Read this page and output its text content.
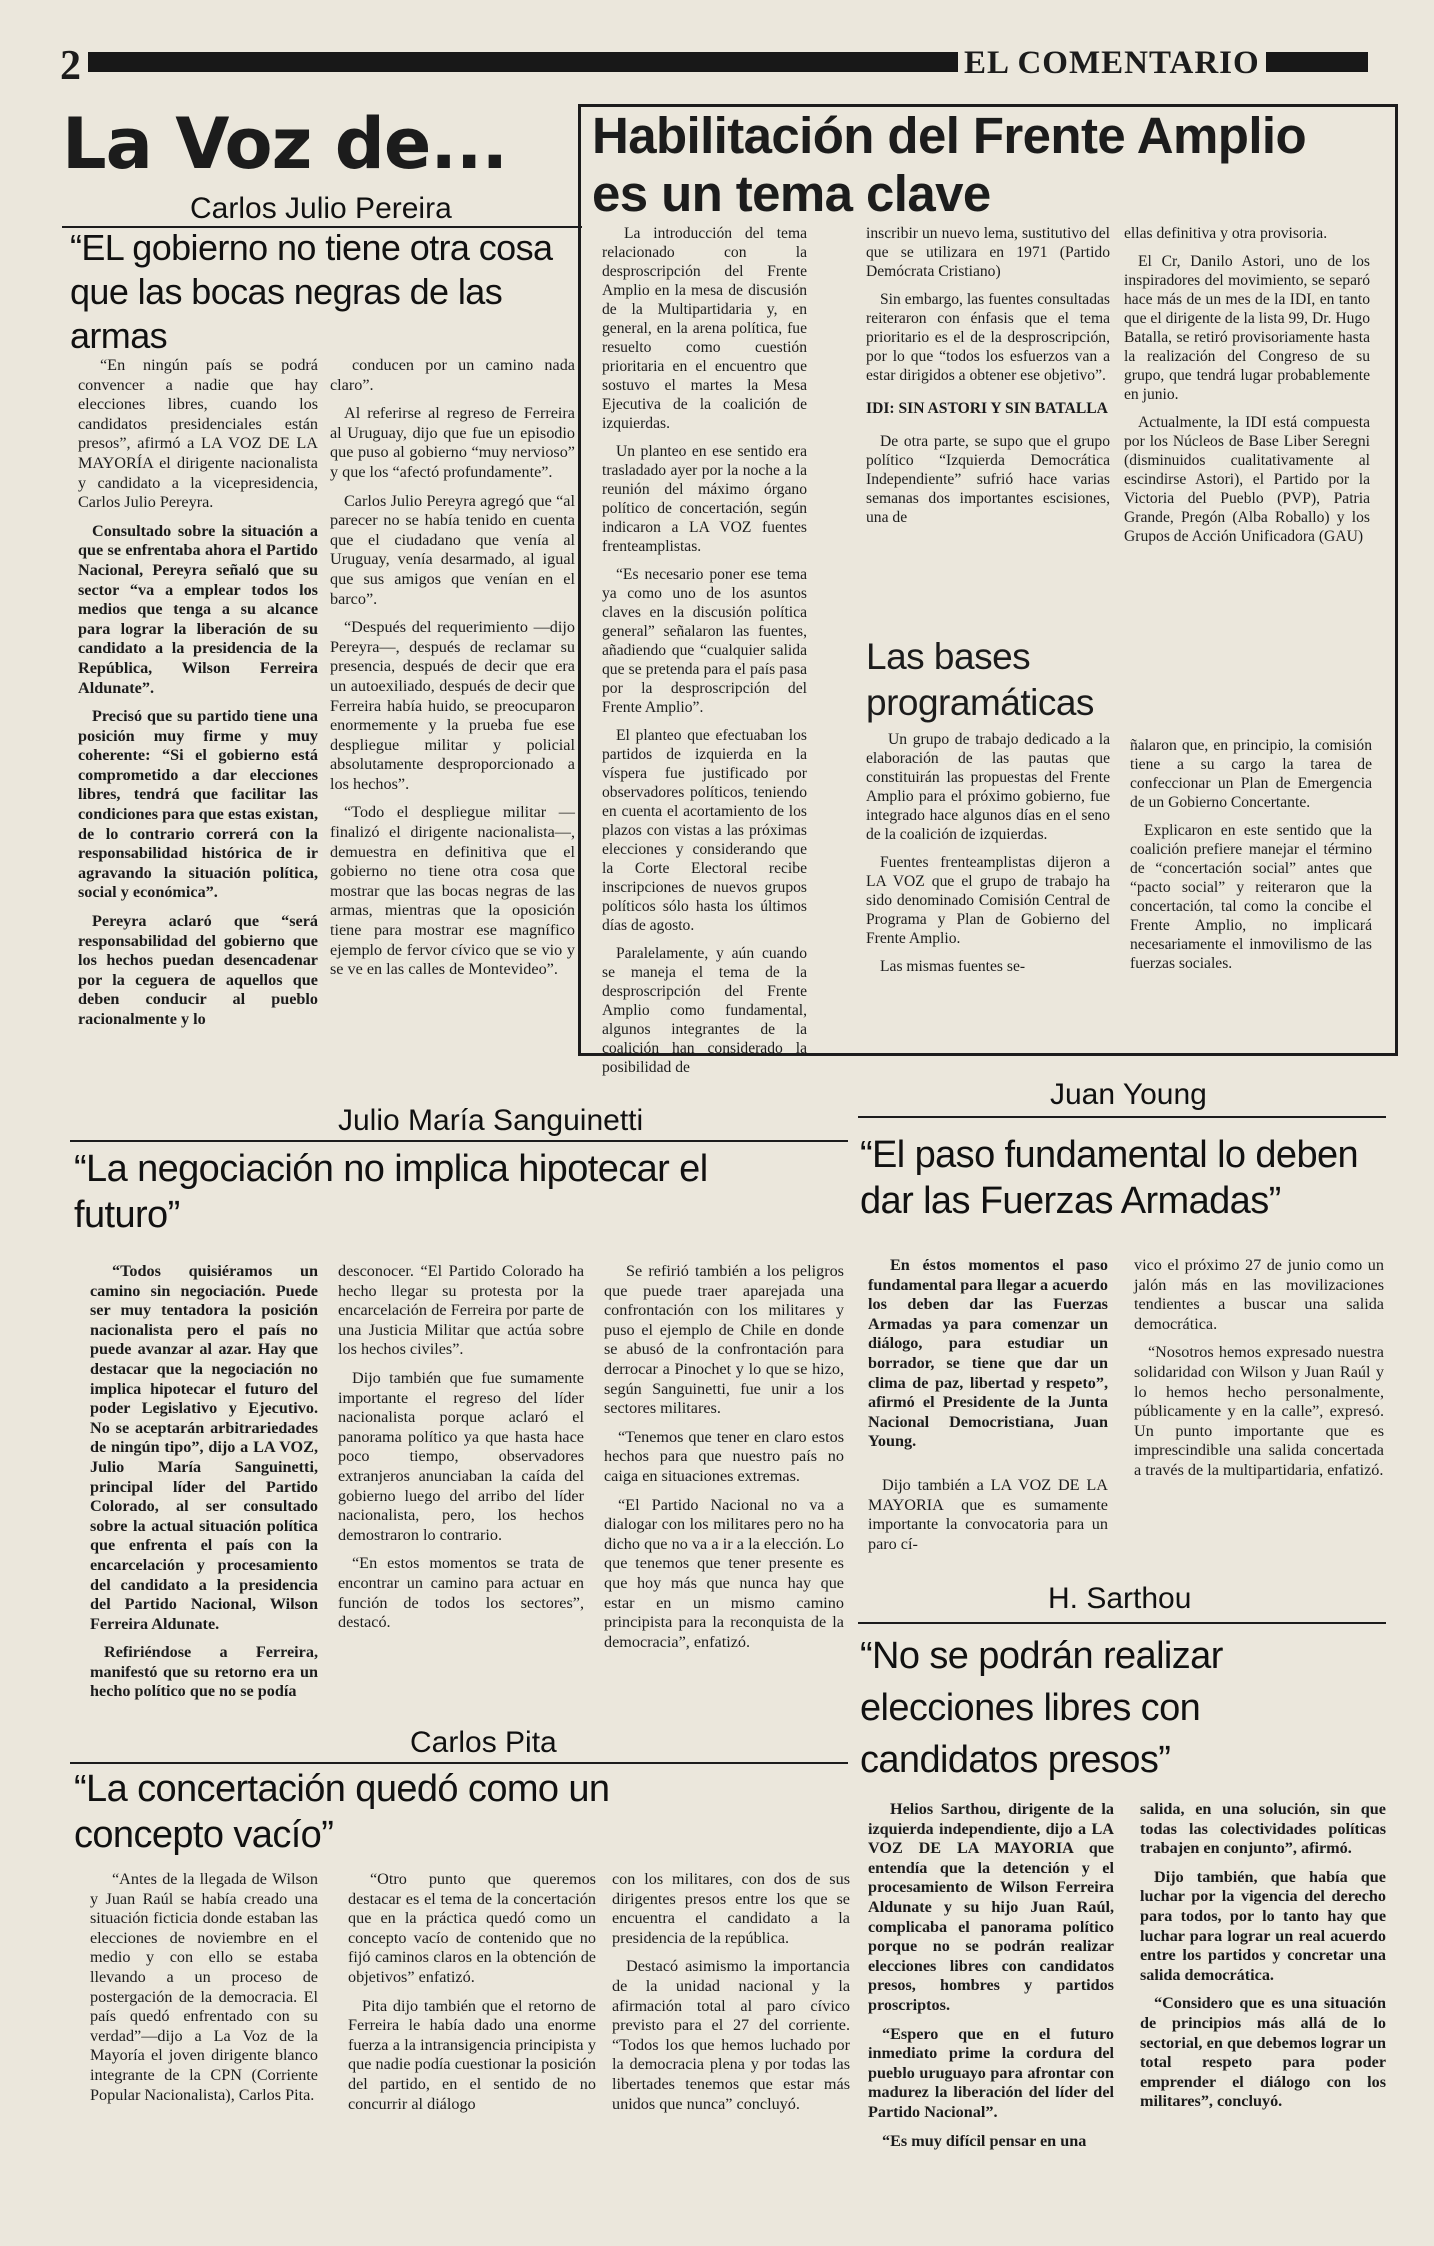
2	EL COMENTARIO
La Voz de...
Carlos Julio Pereira
“EL gobierno no tiene otra cosa que las bocas negras de las armas

“En ningún país se podrá convencer a nadie que hay elecciones libres, cuando los candidatos presidenciales están presos”, afirmó a LA VOZ DE LA MAYORÍA el dirigente nacionalista y candidato a la vicepresidencia, Carlos Julio Pereyra.

Consultado sobre la situación a que se enfrentaba ahora el Partido Nacional, Pereyra señaló que su sector “va a emplear todos los medios que tenga a su alcance para lograr la liberación de su candidato a la presidencia de la República, Wilson Ferreira Aldunate”.

Precisó que su partido tiene una posición muy firme y muy coherente: “Si el gobierno está comprometido a dar elecciones libres, tendrá que facilitar las condiciones para que estas existan, de lo contrario correrá con la responsabilidad histórica de ir agravando la situación política, social y económica”.

Pereyra aclaró que “será responsabilidad del gobierno que los hechos puedan desencadenar por la ceguera de aquellos que deben conducir al pueblo racionalmente y lo

conducen por un camino nada claro”.

Al referirse al regreso de Ferreira al Uruguay, dijo que fue un episodio que puso al gobierno “muy nervioso” y que los “afectó profundamente”.

Carlos Julio Pereyra agregó que “al parecer no se había tenido en cuenta que el ciudadano que venía al Uruguay, venía desarmado, al igual que sus amigos que venían en el barco”.

“Después del requerimiento —dijo Pereyra—, después de reclamar su presencia, después de decir que era un autoexiliado, después de decir que Ferreira había huido, se preocuparon enormemente y la prueba fue ese despliegue militar y policial absolutamente desproporcionado a los hechos”.

“Todo el despliegue militar —finalizó el dirigente nacionalista—, demuestra en definitiva que el gobierno no tiene otra cosa que mostrar que las bocas negras de las armas, mientras que la oposición tiene para mostrar ese magnífico ejemplo de fervor cívico que se vio y se ve en las calles de Montevideo”.

Habilitación del Frente Amplio
es un tema clave

La introducción del tema relacionado con la desproscripción del Frente Amplio en la mesa de discusión de la Multipartidaria y, en general, en la arena política, fue resuelto como cuestión prioritaria en el encuentro que sostuvo el martes la Mesa Ejecutiva de la coalición de izquierdas.

Un planteo en ese sentido era trasladado ayer por la noche a la reunión del máximo órgano político de concertación, según indicaron a LA VOZ fuentes frenteamplistas.

“Es necesario poner ese tema ya como uno de los asuntos claves en la discusión política general” señalaron las fuentes, añadiendo que “cualquier salida que se pretenda para el país pasa por la desproscripción del Frente Amplio”.

El planteo que efectuaban los partidos de izquierda en la víspera fue justificado por observadores políticos, teniendo en cuenta el acortamiento de los plazos con vistas a las próximas elecciones y considerando que la Corte Electoral recibe inscripciones de nuevos grupos políticos sólo hasta los últimos días de agosto.

Paralelamente, y aún cuando se maneja el tema de la desproscripción del Frente Amplio como fundamental, algunos integrantes de la coalición han considerado la posibilidad de

inscribir un nuevo lema, sustitutivo del que se utilizara en 1971 (Partido Demócrata Cristiano)

Sin embargo, las fuentes consultadas reiteraron con énfasis que el tema prioritario es el de la desproscripción, por lo que “todos los esfuerzos van a estar dirigidos a obtener ese objetivo”.

IDI: SIN ASTORI Y SIN BATALLA

De otra parte, se supo que el grupo político “Izquierda Democrática Independiente” sufrió hace varias semanas dos importantes escisiones, una de

ellas definitiva y otra provisoria.

El Cr, Danilo Astori, uno de los inspiradores del movimiento, se separó hace más de un mes de la IDI, en tanto que el dirigente de la lista 99, Dr. Hugo Batalla, se retiró provisoriamente hasta la realización del Congreso de su grupo, que tendrá lugar probablemente en junio.

Actualmente, la IDI está compuesta por los Núcleos de Base Liber Seregni (disminuidos cualitativamente al escindirse Astori), el Partido por la Victoria del Pueblo (PVP), Patria Grande, Pregón (Alba Roballo) y los Grupos de Acción Unificadora (GAU)

Las bases programáticas

Un grupo de trabajo dedicado a la elaboración de las pautas que constituirán las propuestas del Frente Amplio para el próximo gobierno, fue integrado hace algunos días en el seno de la coalición de izquierdas.

Fuentes frenteamplistas dijeron a LA VOZ que el grupo de trabajo ha sido denominado Comisión Central de Programa y Plan de Gobierno del Frente Amplio.

Las mismas fuentes se-

ñalaron que, en principio, la comisión tiene a su cargo la tarea de confeccionar un Plan de Emergencia de un Gobierno Concertante.

Explicaron en este sentido que la coalición prefiere manejar el término de “concertación social” antes que “pacto social” y reiteraron que la concertación, tal como la concibe el Frente Amplio, no implicará necesariamente el inmovilismo de las fuerzas sociales.

Julio María Sanguinetti
“La negociación no implica hipotecar el futuro”

“Todos quisiéramos un camino sin negociación. Puede ser muy tentadora la posición nacionalista pero el país no puede avanzar al azar. Hay que destacar que la negociación no implica hipotecar el futuro del poder Legislativo y Ejecutivo. No se aceptarán arbitrariedades de ningún tipo”, dijo a LA VOZ, Julio María Sanguinetti, principal líder del Partido Colorado, al ser consultado sobre la actual situación política que enfrenta el país con la encarcelación y procesamiento del candidato a la presidencia del Partido Nacional, Wilson Ferreira Aldunate.

Refiriéndose a Ferreira, manifestó que su retorno era un hecho político que no se podía

desconocer. “El Partido Colorado ha hecho llegar su protesta por la encarcelación de Ferreira por parte de una Justicia Militar que actúa sobre los hechos civiles”.

Dijo también que fue sumamente importante el regreso del líder nacionalista porque aclaró el panorama político ya que hasta hace poco tiempo, observadores extranjeros anunciaban la caída del gobierno luego del arribo del líder nacionalista, pero, los hechos demostraron lo contrario.

“En estos momentos se trata de encontrar un camino para actuar en función de todos los sectores”, destacó.

Se refirió también a los peligros que puede traer aparejada una confrontación con los militares y puso el ejemplo de Chile en donde se abusó de la confrontación para derrocar a Pinochet y lo que se hizo, según Sanguinetti, fue unir a los sectores militares.

“Tenemos que tener en claro estos hechos para que nuestro país no caiga en situaciones extremas.

“El Partido Nacional no va a dialogar con los militares pero no ha dicho que no va a ir a la elección. Lo que tenemos que tener presente es que hoy más que nunca hay que estar en un mismo camino principista para la reconquista de la democracia”, enfatizó.

Juan Young
“El paso fundamental lo deben dar las Fuerzas Armadas”

En éstos momentos el paso fundamental para llegar a acuerdo los deben dar las Fuerzas Armadas ya para comenzar un diálogo, para estudiar un borrador, se tiene que dar un clima de paz, libertad y respeto”, afirmó el Presidente de la Junta Nacional Democristiana, Juan Young.

Dijo también a LA VOZ DE LA MAYORIA que es sumamente importante la convocatoria para un paro cí-

vico el próximo 27 de junio como un jalón más en las movilizaciones tendientes a buscar una salida democrática.

“Nosotros hemos expresado nuestra solidaridad con Wilson y Juan Raúl y lo hemos hecho personalmente, públicamente y en la calle”, expresó. Un punto importante que es imprescindible una salida concertada a través de la multipartidaria, enfatizó.

H. Sarthou
“No se podrán realizar elecciones libres con candidatos presos”

Helios Sarthou, dirigente de la izquierda independiente, dijo a LA VOZ DE LA MAYORIA que entendía que la detención y el procesamiento de Wilson Ferreira Aldunate y su hijo Juan Raúl, complicaba el panorama político porque no se podrán realizar elecciones libres con candidatos presos, hombres y partidos proscriptos.

“Espero que en el futuro inmediato prime la cordura del pueblo uruguayo para afrontar con madurez la liberación del líder del Partido Nacional”.

“Es muy difícil pensar en una

salida, en una solución, sin que todas las colectividades políticas trabajen en conjunto”, afirmó.

Dijo también, que había que luchar por la vigencia del derecho para todos, por lo tanto hay que luchar para lograr un real acuerdo entre los partidos y concretar una salida democrática.

“Considero que es una situación de principios más allá de lo sectorial, en que debemos lograr un total respeto para poder emprender el diálogo con los militares”, concluyó.

Carlos Pita
“La concertación quedó como un concepto vacío”

“Antes de la llegada de Wilson y Juan Raúl se había creado una situación ficticia donde estaban las elecciones de noviembre en el medio y con ello se estaba llevando a un proceso de postergación de la democracia. El país quedó enfrentado con su verdad”—dijo a La Voz de la Mayoría el joven dirigente blanco integrante de la CPN (Corriente Popular Nacionalista), Carlos Pita.

“Otro punto que queremos destacar es el tema de la concertación que en la práctica quedó como un concepto vacío de contenido que no fijó caminos claros en la obtención de objetivos” enfatizó.

Pita dijo también que el retorno de Ferreira le había dado una enorme fuerza a la intransigencia principista y que nadie podía cuestionar la posición del partido, en el sentido de no concurrir al diálogo

con los militares, con dos de sus dirigentes presos entre los que se encuentra el candidato a la presidencia de la república.

Destacó asimismo la importancia de la unidad nacional y la afirmación total al paro cívico previsto para el 27 del corriente. “Todos los que hemos luchado por la democracia plena y por todas las libertades tenemos que estar más unidos que nunca” concluyó.
